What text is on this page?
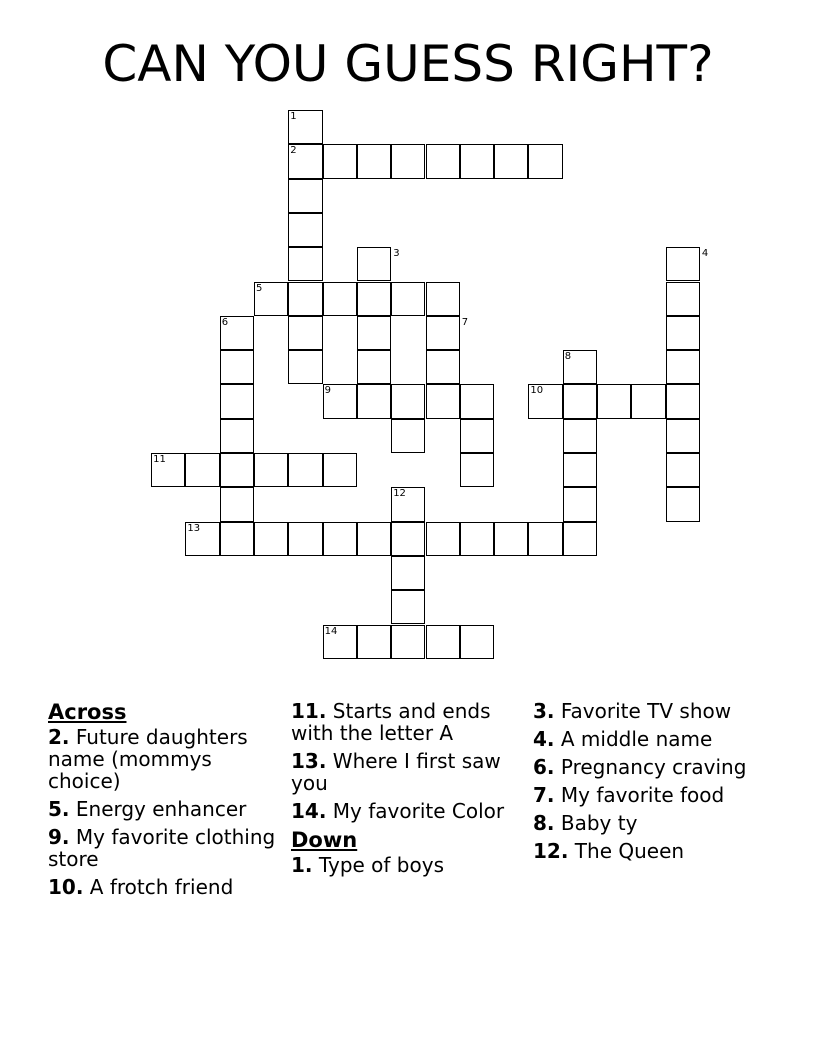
CAN YOU GUESS RIGHT?
1
2
3	4
5
6	7
8
9	10
11
12
13
14
Across
2. Future daughters name (mommys choice)
5. Energy enhancer
9. My favorite clothing store
10. A frotch friend
11. Starts and ends with the letter A
13. Where I first saw you
14. My favorite Color
Down
1. Type of boys
3. Favorite TV show
4. A middle name
6. Pregnancy craving
7. My favorite food
8. Baby ty
12. The Queen
